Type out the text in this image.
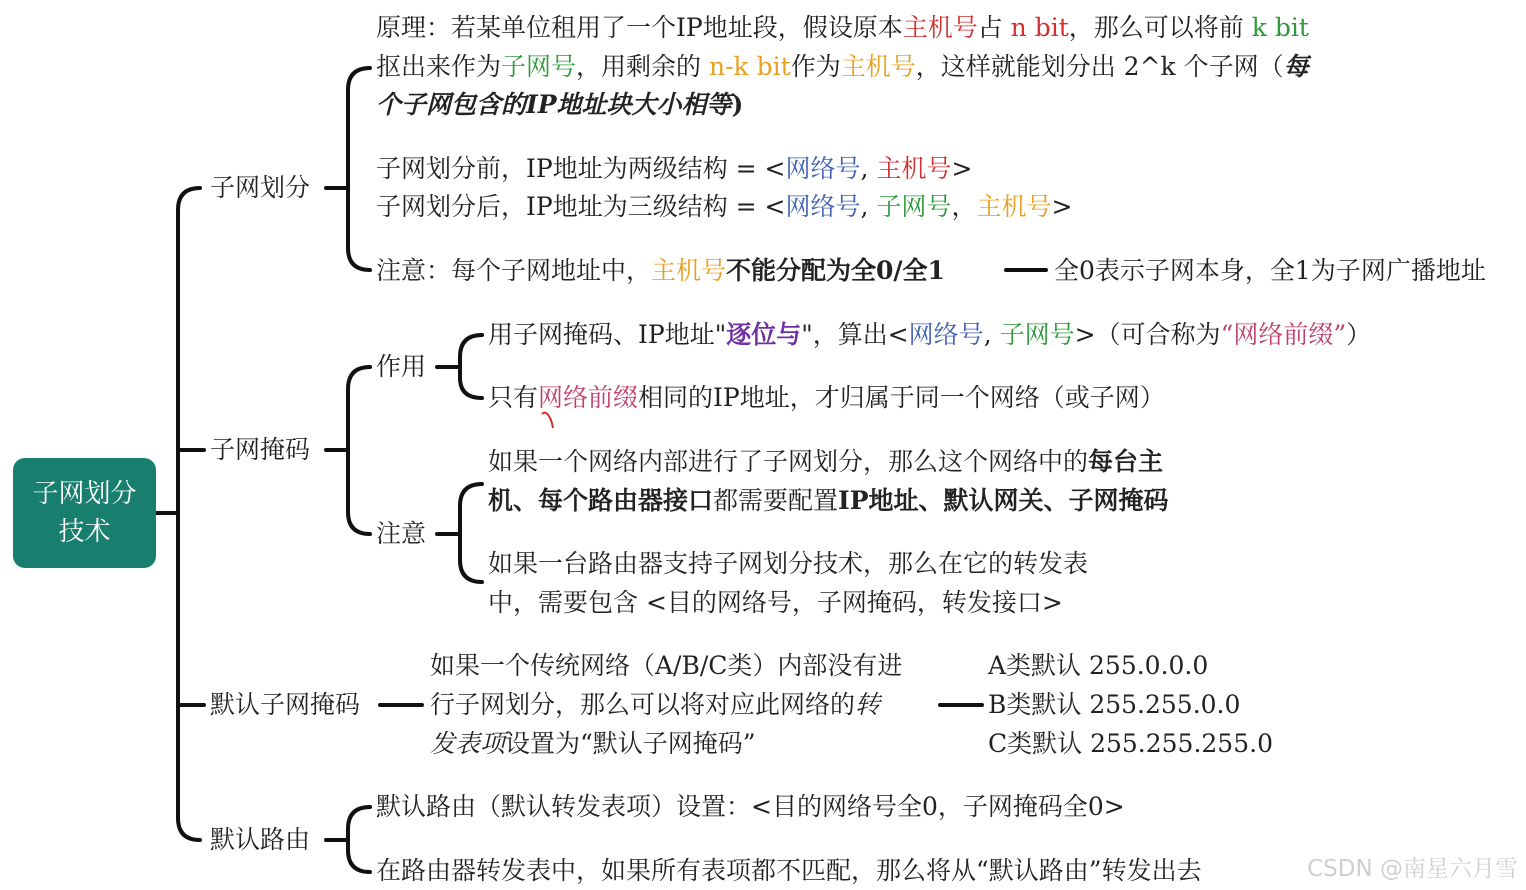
子网划分
技术
子网划分
子网掩码
默认子网掩码
默认路由
作用
注意
原理：若某单位租用了一个IP地址段，假设原本主机号占 n bit，那么可以将前 k bit
抠出来作为子网号，用剩余的 n-k bit作为主机号，这样就能划分出 2^k 个子网（每
个子网包含的IP地址块大小相等)
子网划分前，IP地址为两级结构 = <网络号, 主机号>
子网划分后，IP地址为三级结构 = <网络号, 子网号，主机号>
注意：每个子网地址中，主机号不能分配为全0/全1	全0表示子网本身，全1为子网广播地址
用子网掩码、IP地址"逐位与"，算出<网络号, 子网号>（可合称为“网络前缀”）
只有网络前缀相同的IP地址，才归属于同一个网络（或子网）
如果一个网络内部进行了子网划分，那么这个网络中的每台主
机、每个路由器接口都需要配置IP地址、默认网关、子网掩码
如果一台路由器支持子网划分技术，那么在它的转发表
中，需要包含 <目的网络号，子网掩码，转发接口>
如果一个传统网络（A/B/C类）内部没有进
行子网划分，那么可以将对应此网络的转
发表项设置为“默认子网掩码”
A类默认 255.0.0.0
B类默认 255.255.0.0
C类默认 255.255.255.0
默认路由（默认转发表项）设置：<目的网络号全0，子网掩码全0>
在路由器转发表中，如果所有表项都不匹配，那么将从“默认路由”转发出去	CSDN @南星六月雪
